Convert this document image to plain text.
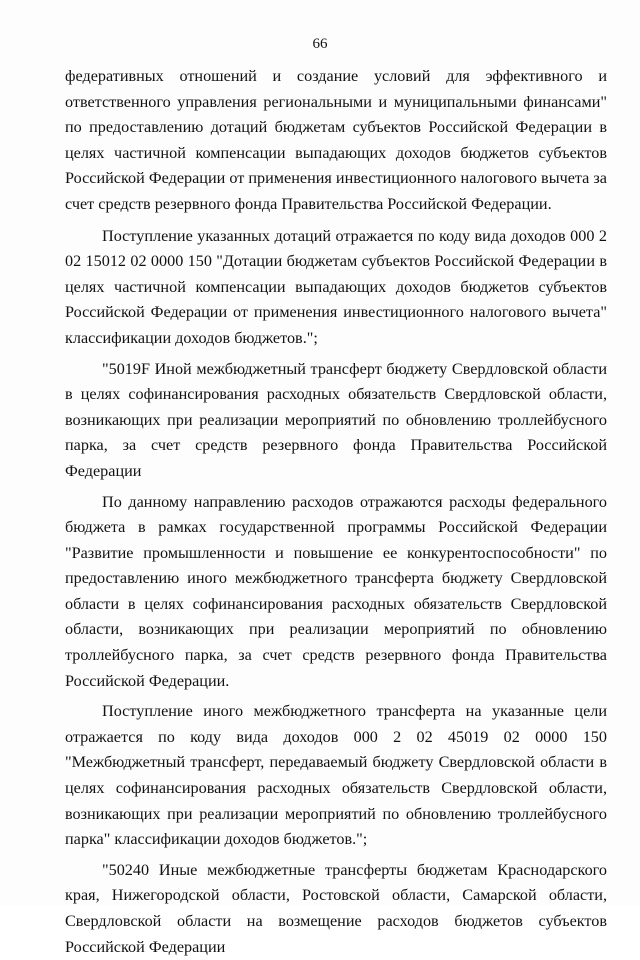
66

федеративных отношений и создание условий для эффективного и ответственного управления региональными и муниципальными финансами" по предоставлению дотаций бюджетам субъектов Российской Федерации в целях частичной компенсации выпадающих доходов бюджетов субъектов Российской Федерации от применения инвестиционного налогового вычета за счет средств резервного фонда Правительства Российской Федерации.

Поступление указанных дотаций отражается по коду вида доходов 000 2 02 15012 02 0000 150 "Дотации бюджетам субъектов Российской Федерации в целях частичной компенсации выпадающих доходов бюджетов субъектов Российской Федерации от применения инвестиционного налогового вычета" классификации доходов бюджетов.";

"5019F Иной межбюджетный трансферт бюджету Свердловской области в целях софинансирования расходных обязательств Свердловской области, возникающих при реализации мероприятий по обновлению троллейбусного парка, за счет средств резервного фонда Правительства Российской Федерации

По данному направлению расходов отражаются расходы федерального бюджета в рамках государственной программы Российской Федерации "Развитие промышленности и повышение ее конкурентоспособности" по предоставлению иного межбюджетного трансферта бюджету Свердловской области в целях софинансирования расходных обязательств Свердловской области, возникающих при реализации мероприятий по обновлению троллейбусного парка, за счет средств резервного фонда Правительства Российской Федерации.

Поступление иного межбюджетного трансферта на указанные цели отражается по коду вида доходов 000 2 02 45019 02 0000 150 "Межбюджетный трансферт, передаваемый бюджету Свердловской области в целях софинансирования расходных обязательств Свердловской области, возникающих при реализации мероприятий по обновлению троллейбусного парка" классификации доходов бюджетов.";

"50240 Иные межбюджетные трансферты бюджетам Краснодарского края, Нижегородской области, Ростовской области, Самарской области, Свердловской области на возмещение расходов бюджетов субъектов Российской Федерации
